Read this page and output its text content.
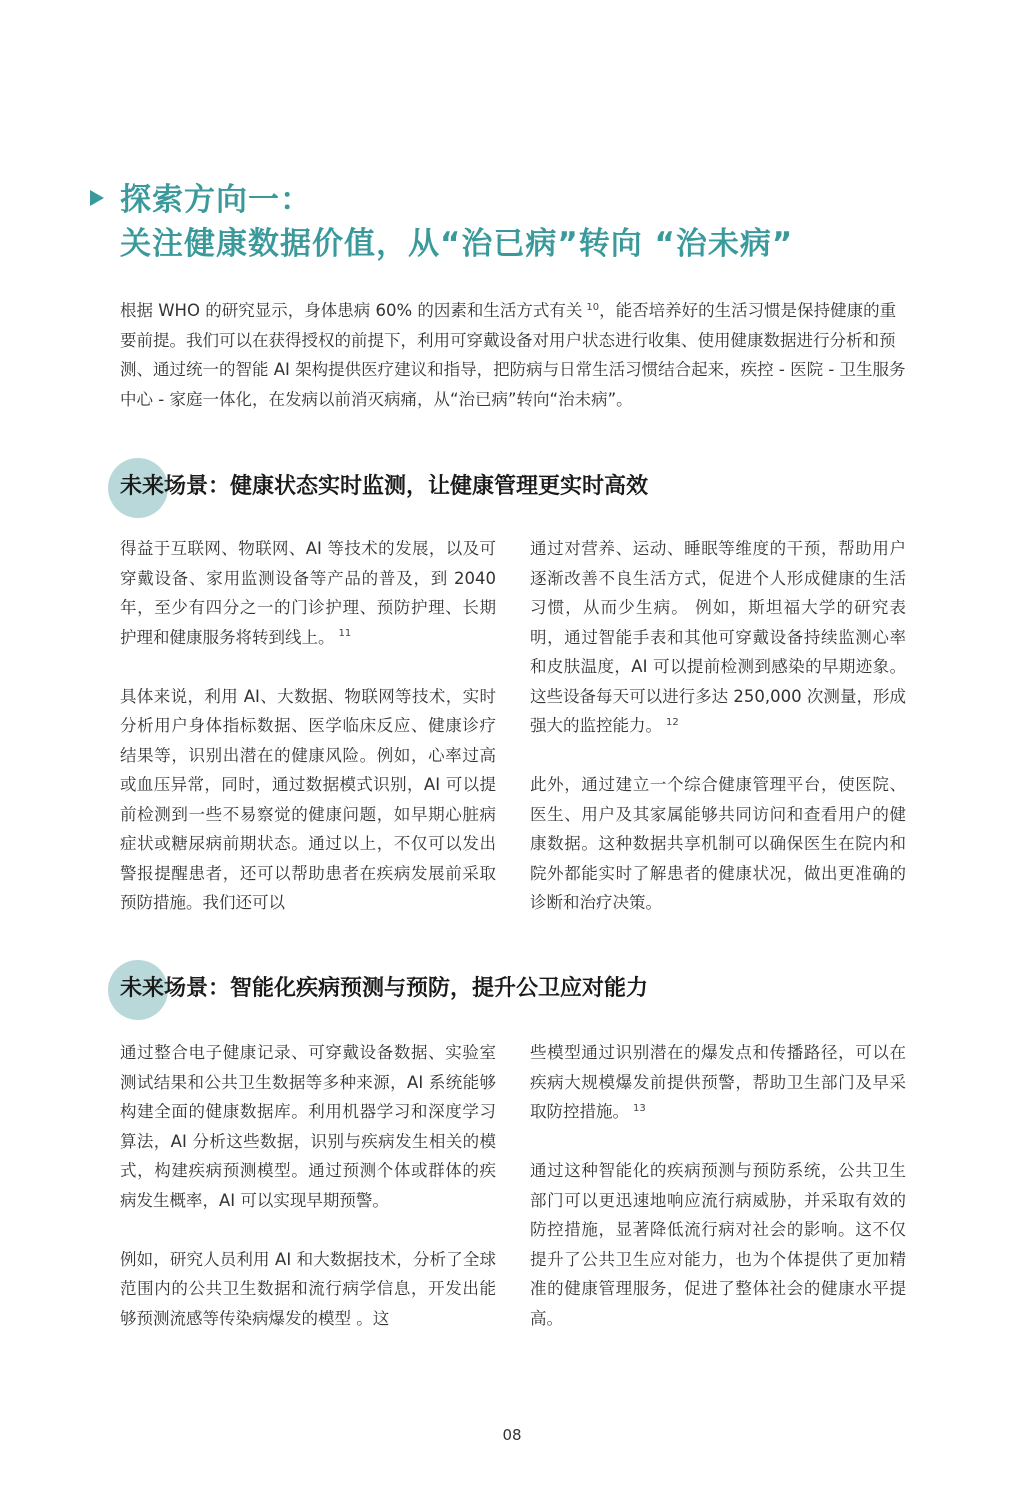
探索方向一：
关注健康数据价值，从“治已病”转向 “治未病”
根据 WHO 的研究显示，身体患病 60% 的因素和生活方式有关 $^{10}$，能否培养好的生活习惯是保持健康的重要前提。我们可以在获得授权的前提下，利用可穿戴设备对用户状态进行收集、使用健康数据进行分析和预测、通过统一的智能 AI 架构提供医疗建议和指导，把防病与日常生活习惯结合起来，疾控 - 医院 - 卫生服务中心 - 家庭一体化，在发病以前消灭病痛，从“治已病”转向“治未病”。
未来场景：健康状态实时监测，让健康管理更实时高效

得益于互联网、物联网、AI 等技术的发展，以及可穿戴设备、家用监测设备等产品的普及，到 2040 年，至少有四分之一的门诊护理、预防护理、长期护理和健康服务将转到线上。 $^{11}$

具体来说，利用 AI、大数据、物联网等技术，实时分析用户身体指标数据、医学临床反应、健康诊疗结果等，识别出潜在的健康风险。例如，心率过高或血压异常，同时，通过数据模式识别，AI 可以提前检测到一些不易察觉的健康问题，如早期心脏病症状或糖尿病前期状态。通过以上，不仅可以发出警报提醒患者，还可以帮助患者在疾病发展前采取预防措施。我们还可以

通过对营养、运动、睡眠等维度的干预，帮助用户逐渐改善不良生活方式，促进个人形成健康的生活习惯，从而少生病。 例如，斯坦福大学的研究表明，通过智能手表和其他可穿戴设备持续监测心率和皮肤温度，AI 可以提前检测到感染的早期迹象。这些设备每天可以进行多达 250,000 次测量，形成强大的监控能力。 $^{12}$

此外，通过建立一个综合健康管理平台，使医院、医生、用户及其家属能够共同访问和查看用户的健康数据。这种数据共享机制可以确保医生在院内和院外都能实时了解患者的健康状况，做出更准确的诊断和治疗决策。

未来场景：智能化疾病预测与预防，提升公卫应对能力

通过整合电子健康记录、可穿戴设备数据、实验室测试结果和公共卫生数据等多种来源，AI 系统能够构建全面的健康数据库。利用机器学习和深度学习算法，AI 分析这些数据，识别与疾病发生相关的模式，构建疾病预测模型。通过预测个体或群体的疾病发生概率，AI 可以实现早期预警。

例如，研究人员利用 AI 和大数据技术，分析了全球范围内的公共卫生数据和流行病学信息，开发出能够预测流感等传染病爆发的模型 。这

些模型通过识别潜在的爆发点和传播路径，可以在疾病大规模爆发前提供预警，帮助卫生部门及早采取防控措施。 $^{13}$

通过这种智能化的疾病预测与预防系统，公共卫生部门可以更迅速地响应流行病威胁，并采取有效的防控措施，显著降低流行病对社会的影响。这不仅提升了公共卫生应对能力，也为个体提供了更加精准的健康管理服务，促进了整体社会的健康水平提高。

08
